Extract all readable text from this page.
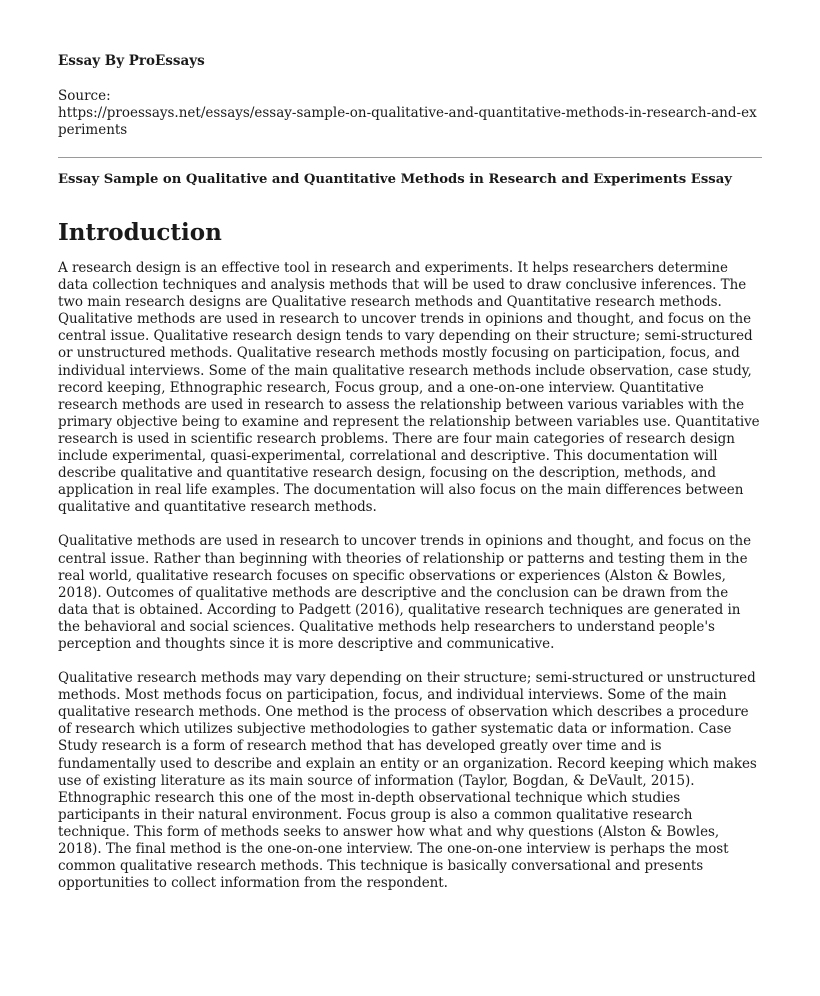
Essay By ProEssays
Source:
https://proessays.net/essays/essay-sample-on-qualitative-and-quantitative-methods-in-research-and-experiments
Essay Sample on Qualitative and Quantitative Methods in Research and Experiments Essay
Introduction

A research design is an effective tool in research and experiments. It helps researchers determine data collection techniques and analysis methods that will be used to draw conclusive inferences. The two main research designs are Qualitative research methods and Quantitative research methods. Qualitative methods are used in research to uncover trends in opinions and thought, and focus on the central issue. Qualitative research design tends to vary depending on their structure; semi-structured or unstructured methods. Qualitative research methods mostly focusing on participation, focus, and individual interviews. Some of the main qualitative research methods include observation, case study, record keeping, Ethnographic research, Focus group, and a one-on-one interview. Quantitative research methods are used in research to assess the relationship between various variables with the primary objective being to examine and represent the relationship between variables use. Quantitative research is used in scientific research problems. There are four main categories of research design include experimental, quasi-experimental, correlational and descriptive. This documentation will describe qualitative and quantitative research design, focusing on the description, methods, and application in real life examples. The documentation will also focus on the main differences between qualitative and quantitative research methods.

Qualitative methods are used in research to uncover trends in opinions and thought, and focus on the central issue. Rather than beginning with theories of relationship or patterns and testing them in the real world, qualitative research focuses on specific observations or experiences (Alston & Bowles, 2018). Outcomes of qualitative methods are descriptive and the conclusion can be drawn from the data that is obtained. According to Padgett (2016), qualitative research techniques are generated in the behavioral and social sciences. Qualitative methods help researchers to understand people's perception and thoughts since it is more descriptive and communicative.

Qualitative research methods may vary depending on their structure; semi-structured or unstructured methods. Most methods focus on participation, focus, and individual interviews. Some of the main qualitative research methods. One method is the process of observation which describes a procedure of research which utilizes subjective methodologies to gather systematic data or information. Case Study research is a form of research method that has developed greatly over time and is fundamentally used to describe and explain an entity or an organization. Record keeping which makes use of existing literature as its main source of information (Taylor, Bogdan, & DeVault, 2015). Ethnographic research this one of the most in-depth observational technique which studies participants in their natural environment. Focus group is also a common qualitative research technique. This form of methods seeks to answer how what and why questions (Alston & Bowles, 2018). The final method is the one-on-one interview. The one-on-one interview is perhaps the most common qualitative research methods. This technique is basically conversational and presents opportunities to collect information from the respondent.
